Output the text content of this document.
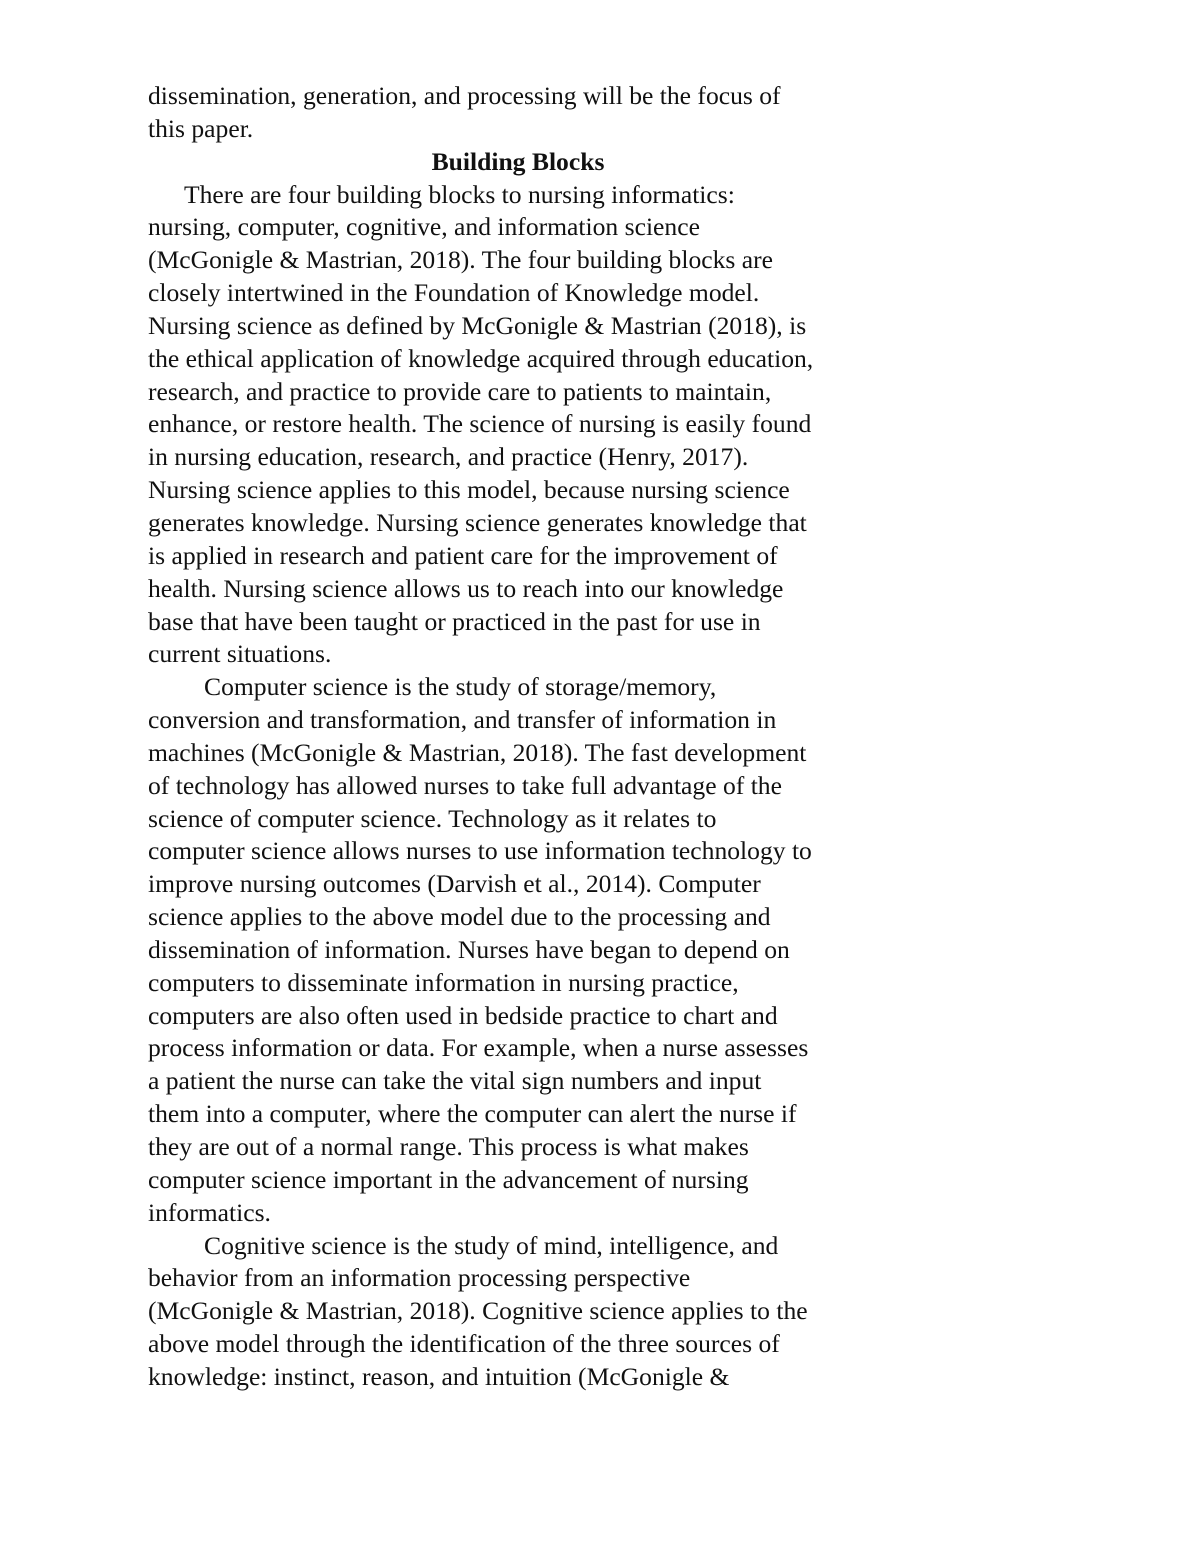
dissemination, generation, and processing will be the focus of
this paper.

Building Blocks

There are four building blocks to nursing informatics:
nursing, computer, cognitive, and information science
(McGonigle & Mastrian, 2018). The four building blocks are
closely intertwined in the Foundation of Knowledge model.
Nursing science as defined by McGonigle & Mastrian (2018), is
the ethical application of knowledge acquired through education,
research, and practice to provide care to patients to maintain,
enhance, or restore health. The science of nursing is easily found
in nursing education, research, and practice (Henry, 2017).
Nursing science applies to this model, because nursing science
generates knowledge. Nursing science generates knowledge that
is applied in research and patient care for the improvement of
health. Nursing science allows us to reach into our knowledge
base that have been taught or practiced in the past for use in
current situations.

Computer science is the study of storage/memory,
conversion and transformation, and transfer of information in
machines (McGonigle & Mastrian, 2018). The fast development
of technology has allowed nurses to take full advantage of the
science of computer science. Technology as it relates to
computer science allows nurses to use information technology to
improve nursing outcomes (Darvish et al., 2014). Computer
science applies to the above model due to the processing and
dissemination of information. Nurses have began to depend on
computers to disseminate information in nursing practice,
computers are also often used in bedside practice to chart and
process information or data. For example, when a nurse assesses
a patient the nurse can take the vital sign numbers and input
them into a computer, where the computer can alert the nurse if
they are out of a normal range. This process is what makes
computer science important in the advancement of nursing
informatics.

Cognitive science is the study of mind, intelligence, and
behavior from an information processing perspective
(McGonigle & Mastrian, 2018). Cognitive science applies to the
above model through the identification of the three sources of
knowledge: instinct, reason, and intuition (McGonigle &
